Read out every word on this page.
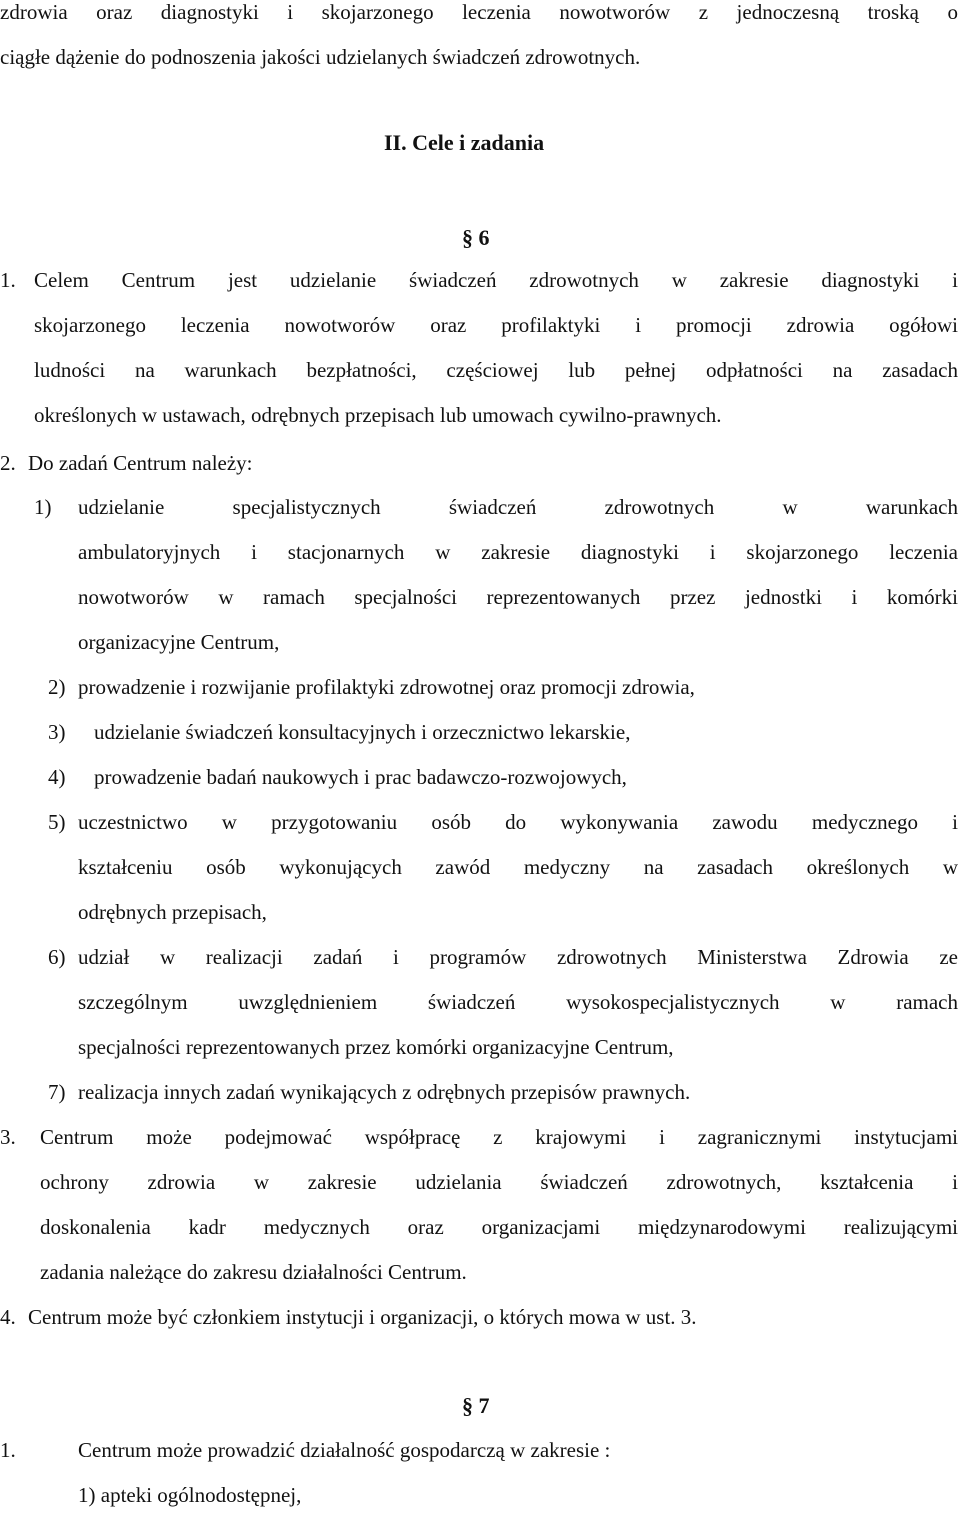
zdrowia oraz diagnostyki i skojarzonego leczenia nowotworów z jednoczesną troską o

ciągłe dążenie do podnoszenia jakości udzielanych świadczeń zdrowotnych.

II. Cele i zadania
§ 6
1. Celem Centrum jest udzielanie świadczeń zdrowotnych w zakresie diagnostyki i

skojarzonego leczenia nowotworów oraz profilaktyki i promocji zdrowia ogółowi

ludności na warunkach bezpłatności, częściowej lub pełnej odpłatności na zasadach

określonych w ustawach, odrębnych przepisach lub umowach cywilno-prawnych.

2. Do zadań Centrum należy:
1) udzielanie specjalistycznych świadczeń zdrowotnych w warunkach

ambulatoryjnych i stacjonarnych w zakresie diagnostyki i skojarzonego leczenia

nowotworów w ramach specjalności reprezentowanych przez jednostki i komórki

organizacyjne Centrum,

2) prowadzenie i rozwijanie profilaktyki zdrowotnej oraz promocji zdrowia,
3) udzielanie świadczeń konsultacyjnych i orzecznictwo lekarskie,
4) prowadzenie badań naukowych i prac badawczo-rozwojowych,
5) uczestnictwo w przygotowaniu osób do wykonywania zawodu medycznego i

kształceniu osób wykonujących zawód medyczny na zasadach określonych w

odrębnych przepisach,

6) udział w realizacji zadań i programów zdrowotnych Ministerstwa Zdrowia ze

szczególnym uwzględnieniem świadczeń wysokospecjalistycznych w ramach

specjalności reprezentowanych przez komórki organizacyjne Centrum,

7) realizacja innych zadań wynikających z odrębnych przepisów prawnych.
3. Centrum może podejmować współpracę z krajowymi i zagranicznymi instytucjami

ochrony zdrowia w zakresie udzielania świadczeń zdrowotnych, kształcenia i

doskonalenia kadr medycznych oraz organizacjami międzynarodowymi realizującymi

zadania należące do zakresu działalności Centrum.

4. Centrum może być członkiem instytucji i organizacji, o których mowa w ust. 3.
§ 7
1.	Centrum może prowadzić działalność gospodarczą w zakresie :
1) apteki ogólnodostępnej,
